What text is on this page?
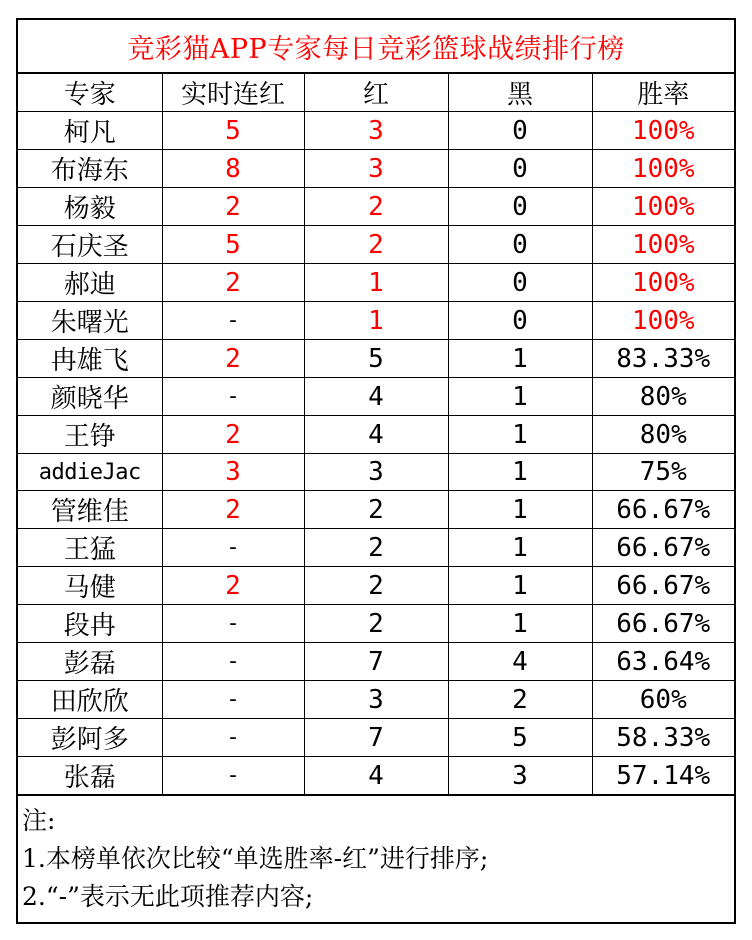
竞彩猫APP专家每日竞彩篮球战绩排行榜
专家	实时连红	红	黑	胜率
柯凡	5	3	0	100%
布海东	8	3	0	100%
杨毅	2	2	0	100%
石庆圣	5	2	0	100%
郝迪	2	1	0	100%
朱曙光	-	1	0	100%
冉雄飞	2	5	1	83.33%
颜晓华	-	4	1	80%
王铮	2	4	1	80%
addieJac	3	3	1	75%
管维佳	2	2	1	66.67%
王猛	-	2	1	66.67%
马健	2	2	1	66.67%
段冉	-	2	1	66.67%
彭磊	-	7	4	63.64%
田欣欣	-	3	2	60%
彭阿多	-	7	5	58.33%
张磊	-	4	3	57.14%
注:
1.本榜单依次比较“单选胜率-红”进行排序;
2.“-”表示无此项推荐内容;
